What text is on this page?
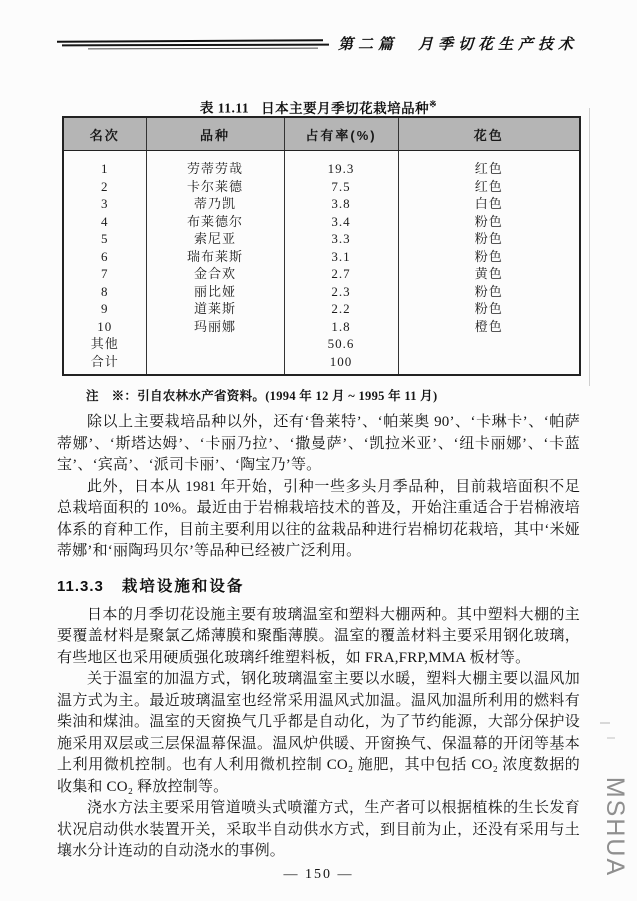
第二篇　月季切花生产技术
表 11.11 日本主要月季切花栽培品种※
名次	品种	占有率(%)	花色
1	劳蒂劳哉	19.3	红色
2	卡尔莱德	7.5	红色
3	蒂乃凯	3.8	白色
4	布莱德尔	3.4	粉色
5	索尼亚	3.3	粉色
6	瑞布莱斯	3.1	粉色
7	金合欢	2.7	黄色
8	丽比娅	2.3	粉色
9	道莱斯	2.2	粉色
10	玛丽娜	1.8	橙色
其他		50.6	
合计		100	
注　※：引自农林水产省资料。(1994 年 12 月 ~ 1995 年 11 月)

除以上主要栽培品种以外，还有‘鲁莱特’、‘帕莱奥 90’、‘卡琳卡’、‘帕萨蒂娜’、‘斯塔达姆’、‘卡丽乃拉’、‘撒曼萨’、‘凯拉米亚’、‘纽卡丽娜’、‘卡蓝宝’、‘宾高’、‘派司卡丽’、‘陶宝乃’等。

此外，日本从 1981 年开始，引种一些多头月季品种，目前栽培面积不足总栽培面积的 10%。最近由于岩棉栽培技术的普及，开始注重适合于岩棉液培体系的育种工作，目前主要利用以往的盆栽品种进行岩棉切花栽培，其中‘米娅蒂娜’和‘丽陶玛贝尔’等品种已经被广泛利用。

11.3.3 栽培设施和设备

日本的月季切花设施主要有玻璃温室和塑料大棚两种。其中塑料大棚的主要覆盖材料是聚氯乙烯薄膜和聚酯薄膜。温室的覆盖材料主要采用钢化玻璃，有些地区也采用硬质强化玻璃纤维塑料板，如 FRA,FRP,MMA 板材等。

关于温室的加温方式，钢化玻璃温室主要以水暖，塑料大棚主要以温风加温方式为主。最近玻璃温室也经常采用温风式加温。温风加温所利用的燃料有柴油和煤油。温室的天窗换气几乎都是自动化，为了节约能源，大部分保护设施采用双层或三层保温幕保温。温风炉供暖、开窗换气、保温幕的开闭等基本上利用微机控制。也有人利用微机控制 CO₂ 施肥，其中包括 CO₂ 浓度数据的收集和 CO₂ 释放控制等。

浇水方法主要采用管道喷头式喷灌方式，生产者可以根据植株的生长发育状况启动供水装置开关，采取半自动供水方式，到目前为止，还没有采用与土壤水分计连动的自动浇水的事例。

— 150 —	MSHUA
